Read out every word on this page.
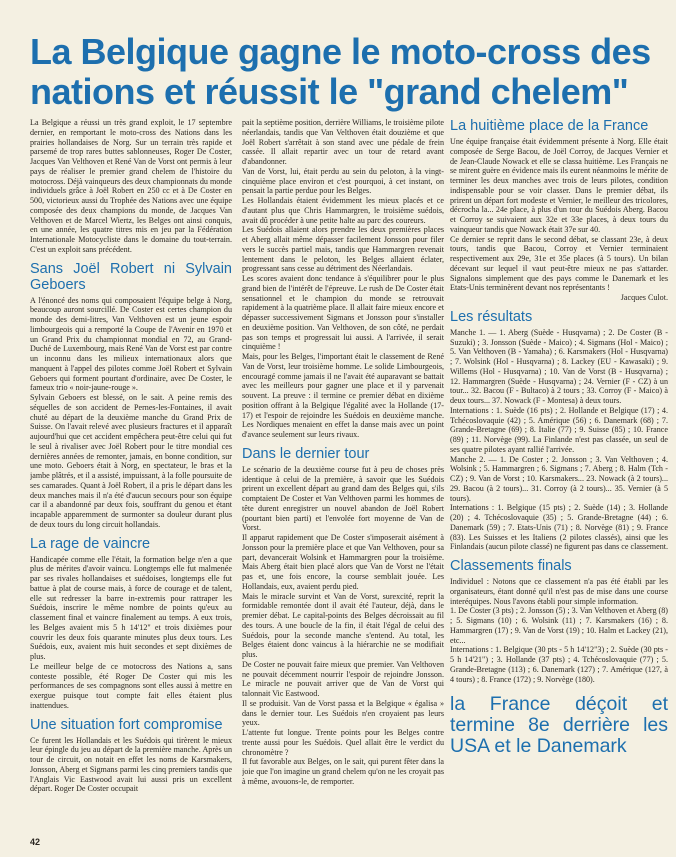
La Belgique gagne le moto-cross des nations et réussit le "grand chelem"

La Belgique a réussi un très grand exploit, le 17 septembre dernier, en remportant le moto-cross des Nations dans les prairies hollandaises de Norg. Sur un terrain très rapide et parsemé de trop rares buttes sablonneuses, Roger De Coster, Jacques Van Velthoven et René Van de Vorst ont permis à leur pays de réaliser le premier grand chelem de l'histoire du motocross. Déjà vainqueurs des deux championnats du monde individuels grâce à Joël Robert en 250 cc et à De Coster en 500, victorieux aussi du Trophée des Nations avec une équipe composée des deux champions du monde, de Jacques Van Velthoven et de Marcel Wiertz, les Belges ont ainsi conquis, en une année, les quatre titres mis en jeu par la Fédération Internationale Motocycliste dans le domaine du tout-terrain. C'est un exploit sans précédent.

Sans Joël Robert ni Sylvain Geboers

A l'énoncé des noms qui composaient l'équipe belge à Norg, beaucoup auront sourcillé. De Coster est certes champion du monde des demi-litres, Van Velthoven est un jeune espoir limbourgeois qui a remporté la Coupe de l'Avenir en 1970 et un Grand Prix du championnat mondial en 72, au Grand-Duché de Luxembourg, mais René Van de Vorst est par contre un inconnu dans les milieux internationaux alors que manquent à l'appel des pilotes comme Joël Robert et Sylvain Geboers qui forment pourtant d'ordinaire, avec De Coster, le fameux trio « noir-jaune-rouge ».

Sylvain Geboers est blessé, on le sait. A peine remis des séquelles de son accident de Pernes-les-Fontaines, il avait chuté au départ de la deuxième manche du Grand Prix de Suisse. On l'avait relevé avec plusieurs fractures et il apparaît aujourd'hui que cet accident empêchera peut-être celui qui fut le seul à rivaliser avec Joël Robert pour le titre mondial ces dernières années de remonter, jamais, en bonne condition, sur une moto. Geboers était à Norg, en spectateur, le bras et la jambe plâtrés, et il a assisté, impuissant, à la folle poursuite de ses camarades. Quant à Joël Robert, il a pris le départ dans les deux manches mais il n'a été d'aucun secours pour son équipe car il a abandonné par deux fois, souffrant du genou et étant incapable apparemment de surmonter sa douleur durant plus de deux tours du long circuit hollandais.

La rage de vaincre

Handicapée comme elle l'était, la formation belge n'en a que plus de mérites d'avoir vaincu. Longtemps elle fut malmenée par ses rivales hollandaises et suédoises, longtemps elle fut battue à plat de course mais, à force de courage et de talent, elle sut redresser la barre in-extremis pour rattraper les Suédois, inscrire le même nombre de points qu'eux au classement final et vaincre finalement au temps. A eux trois, les Belges avaient mis 5 h 14'12" et trois dixièmes pour couvrir les deux fois quarante minutes plus deux tours. Les Suédois, eux, avaient mis huit secondes et sept dixièmes de plus.

Le meilleur belge de ce motocross des Nations a, sans conteste possible, été Roger De Coster qui mis les performances de ses compagnons sont elles aussi à mettre en exergue puisque tout compte fait elles étaient plus inattendues.

Une situation fort compromise

Ce furent les Hollandais et les Suédois qui tirèrent le mieux leur épingle du jeu au départ de la première manche. Après un tour de circuit, on notait en effet les noms de Karsmakers, Jonsson, Aberg et Sigmans parmi les cinq premiers tandis que l'Anglais Vic Eastwood avait lui aussi pris un excellent départ. Roger De Coster occupait

pait la septième position, derrière Williams, le troisième pilote néerlandais, tandis que Van Velthoven était douzième et que Joël Robert s'arrêtait à son stand avec une pédale de frein cassée. Il allait repartir avec un tour de retard avant d'abandonner.

Van de Vorst, lui, était perdu au sein du peloton, à la vingt-cinquième place environ et c'est pourquoi, à cet instant, on pensait la partie perdue pour les Belges.

Les Hollandais étaient évidemment les mieux placés et ce d'autant plus que Chris Hammargren, le troisième suédois, avait dû procéder à une petite halte au parc des coureurs.

Les Suédois allaient alors prendre les deux premières places et Aberg allait même dépasser facilement Jonsson pour filer vers le succès partiel mais, tandis que Hammargren revenait lentement dans le peloton, les Belges allaient éclater, progressant sans cesse au détriment des Néerlandais.

Les scores avaient donc tendance à s'équilibrer pour le plus grand bien de l'intérêt de l'épreuve. Le rush de De Coster était sensationnel et le champion du monde se retrouvait rapidement à la quatrième place. Il allait faire mieux encore et dépasser successivement Sigmans et Jonsson pour s'installer en deuxième position. Van Velthoven, de son côté, ne perdait pas son temps et progressait lui aussi. A l'arrivée, il serait cinquième !

Mais, pour les Belges, l'important était le classement de René Van de Vorst, leur troisième homme. Le solide Limbourgeois, encouragé comme jamais il ne l'avait été auparavant se battait avec les meilleurs pour gagner une place et il y parvenait souvent. La preuve : il termine ce premier débat en dixième position offrant à la Belgique l'égalité avec la Hollande (17-17) et l'espoir de rejoindre les Suédois en deuxième manche. Les Nordiques menaient en effet la danse mais avec un point d'avance seulement sur leurs rivaux.

Dans le dernier tour

Le scénario de la deuxième course fut à peu de choses près identique à celui de la première, à savoir que les Suédois prirent un excellent départ au grand dam des Belges qui, s'ils comptaient De Coster et Van Velthoven parmi les hommes de tête durent enregistrer un nouvel abandon de Joël Robert (pourtant bien parti) et l'envolée fort moyenne de Van de Vorst.

Il apparut rapidement que De Coster s'imposerait aisément à Jonsson pour la première place et que Van Velthoven, pour sa part, devancerait Wolsink et Hammargren pour la troisième. Mais Aberg était bien placé alors que Van de Vorst ne l'était pas et, une fois encore, la course semblait jouée. Les Hollandais, eux, avaient perdu pied.

Mais le miracle survint et Van de Vorst, surexcité, reprit la formidable remontée dont il avait été l'auteur, déjà, dans le premier débat. Le capital-points des Belges décroissait au fil des tours. A une boucle de la fin, il était l'égal de celui des Suédois, pour la seconde manche s'entend. Au total, les Belges étaient donc vaincus à la hiérarchie ne se modifiait plus.

De Coster ne pouvait faire mieux que premier. Van Velthoven ne pouvait décemment nourrir l'espoir de rejoindre Jonsson. Le miracle ne pouvait arriver que de Van de Vorst qui talonnait Vic Eastwood.

Il se produisit. Van de Vorst passa et la Belgique « égalisa » dans le dernier tour. Les Suédois n'en croyaient pas leurs yeux.

L'attente fut longue. Trente points pour les Belges contre trente aussi pour les Suédois. Quel allait être le verdict du chronomètre ?

Il fut favorable aux Belges, on le sait, qui purent fêter dans la joie que l'on imagine un grand chelem qu'on ne les croyait pas à même, avouons-le, de remporter.

La huitième place de la France

Une équipe française était évidemment présente à Norg. Elle était composée de Serge Bacou, de Joël Corroy, de Jacques Vernier et de Jean-Claude Nowack et elle se classa huitième. Les Français ne se mirent guère en évidence mais ils eurent néanmoins le mérite de terminer les deux manches avec trois de leurs pilotes, condition indispensable pour se voir classer. Dans le premier débat, ils prirent un départ fort modeste et Vernier, le meilleur des tricolores, décrocha la... 24e place, à plus d'un tour du Suédois Aberg. Bacou et Corroy se suivaient aux 32e et 33e places, à deux tours du vainqueur tandis que Nowack était 37e sur 40.

Ce dernier se reprit dans le second débat, se classant 23e, à deux tours, tandis que Bacou, Corroy et Vernier terminaient respectivement aux 29e, 31e et 35e places (à 5 tours). Un bilan décevant sur lequel il vaut peut-être mieux ne pas s'attarder. Signalons simplement que des pays comme le Danemark et les Etats-Unis terminèrent devant nos représentants !

Jacques Culot.

Les résultats

Manche 1. — 1. Aberg (Suède - Husqvarna) ; 2. De Coster (B - Suzuki) ; 3. Jonsson (Suède - Maico) ; 4. Sigmans (Hol - Maico) ; 5. Van Velthoven (B - Yamaha) ; 6. Karsmakers (Hol - Husqvarna) ; 7. Wolsink (Hol - Husqvarna) ; 8. Lackey (EU - Kawasaki) ; 9. Willems (Hol - Husqvarna) ; 10. Van de Vorst (B - Husqvarna) ; 12. Hammargren (Suède - Husqvarna) ; 24. Vernier (F - CZ) à un tour... 32. Bacou (F - Bultaco) à 2 tours ; 33. Corroy (F - Maico) à deux tours... 37. Nowack (F - Montesa) à deux tours.

Internations : 1. Suède (16 pts) ; 2. Hollande et Belgique (17) ; 4. Tchécoslovaquie (42) ; 5. Amérique (56) ; 6. Danemark (68) ; 7. Grande-Bretagne (69) ; 8. Italie (77) ; 9. Suisse (85) ; 10. France (89) ; 11. Norvège (99). La Finlande n'est pas classée, un seul de ses quatre pilotes ayant rallié l'arrivée.

Manche 2. — 1. De Coster ; 2. Jonsson ; 3. Van Velthoven ; 4. Wolsink ; 5. Hammargren ; 6. Sigmans ; 7. Aberg ; 8. Halm (Tch - CZ) ; 9. Van de Vorst ; 10. Karsmakers... 23. Nowack (à 2 tours)... 29. Bacou (à 2 tours)... 31. Corroy (à 2 tours)... 35. Vernier (à 5 tours).

Internations : 1. Belgique (15 pts) ; 2. Suède (14) ; 3. Hollande (20) ; 4. Tchécoslovaquie (35) ; 5. Grande-Bretagne (44) ; 6. Danemark (59) ; 7. Etats-Unis (71) ; 8. Norvège (81) ; 9. France (83). Les Suisses et les Italiens (2 pilotes classés), ainsi que les Finlandais (aucun pilote classé) ne figurent pas dans ce classement.

Classements finals

Individuel : Notons que ce classement n'a pas été établi par les organisateurs, étant donné qu'il n'est pas de mise dans une course interéquipes. Nous l'avons établi pour simple information.

1. De Coster (3 pts) ; 2. Jonsson (5) ; 3. Van Velthoven et Aberg (8) ; 5. Sigmans (10) ; 6. Wolsink (11) ; 7. Karsmakers (16) ; 8. Hammargren (17) ; 9. Van de Vorst (19) ; 10. Halm et Lackey (21), etc...

Internations : 1. Belgique (30 pts - 5 h 14'12"3) ; 2. Suède (30 pts - 5 h 14'21") ; 3. Hollande (37 pts) ; 4. Tchécoslovaquie (77) ; 5. Grande-Bretagne (113) ; 6. Danemark (127) ; 7. Amérique (127, à 4 tours) ; 8. France (172) ; 9. Norvège (180).

la France déçoit et termine 8e derrière les USA et le Danemark
42
